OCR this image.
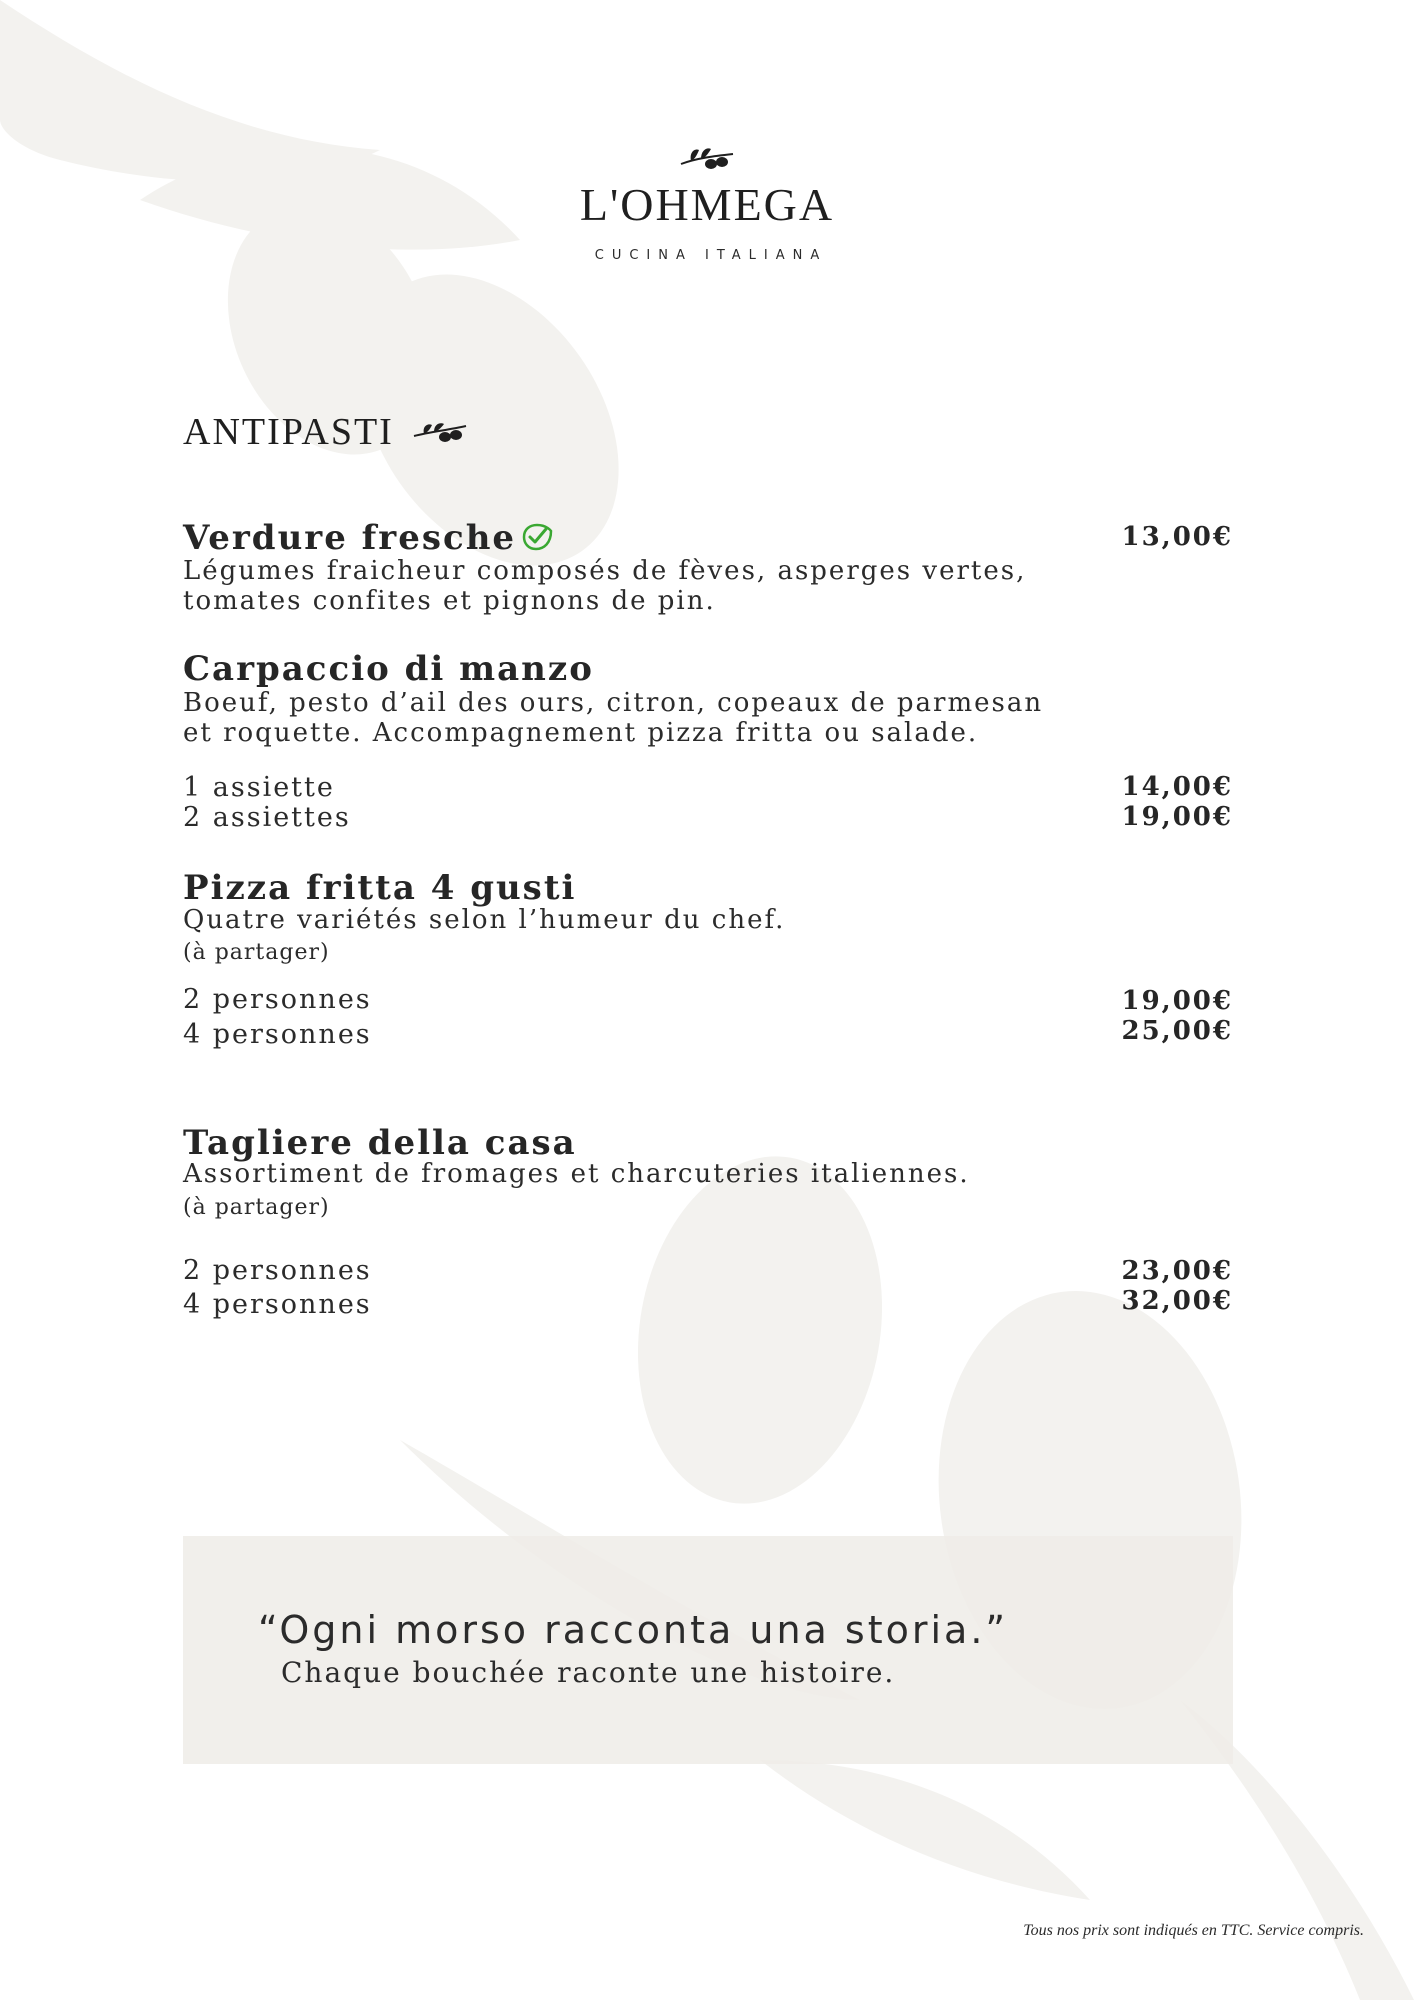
L'OHMEGA
CUCINA ITALIANA
ANTIPASTI
Verdure fresche	13,00€
Légumes fraicheur composés de fèves, asperges vertes,
tomates confites et pignons de pin.
Carpaccio di manzo
Boeuf, pesto d’ail des ours, citron, copeaux de parmesan
et roquette. Accompagnement pizza fritta ou salade.
1 assiette	14,00€
2 assiettes	19,00€
Pizza fritta 4 gusti
Quatre variétés selon l’humeur du chef.
(à partager)
2 personnes	19,00€
4 personnes	25,00€
Tagliere della casa
Assortiment de fromages et charcuteries italiennes.
(à partager)
2 personnes	23,00€
4 personnes	32,00€
“Ogni morso racconta una storia.”
Chaque bouchée raconte une histoire.
Tous nos prix sont indiqués en TTC. Service compris.
